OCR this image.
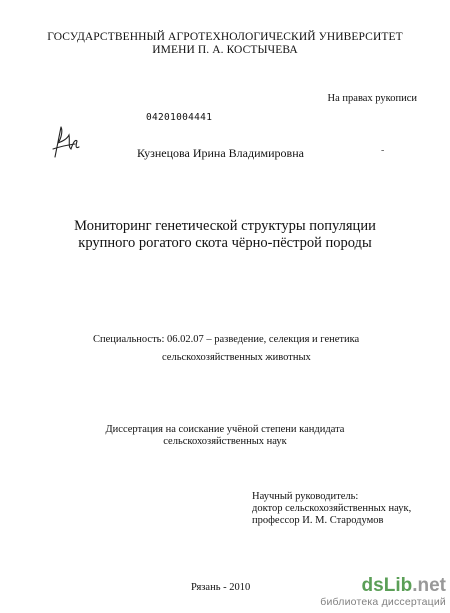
ГОСУДАРСТВЕННЫЙ АГРОТЕХНОЛОГИЧЕСКИЙ УНИВЕРСИТЕТ
ИМЕНИ П. А. КОСТЫЧЕВА
На правах рукописи
04201004441
Кузнецова Ирина Владимировна	-
Мониторинг генетической структуры популяции
крупного рогатого скота чёрно-пёстрой породы
Специальность: 06.02.07 – разведение, селекция и генетика
сельскохозяйственных животных
Диссертация на соискание учёной степени кандидата
сельскохозяйственных наук
Научный руководитель:
доктор сельскохозяйственных наук,
профессор И. М. Стародумов
Рязань - 2010	dsLib.net
библиотека диссертаций
